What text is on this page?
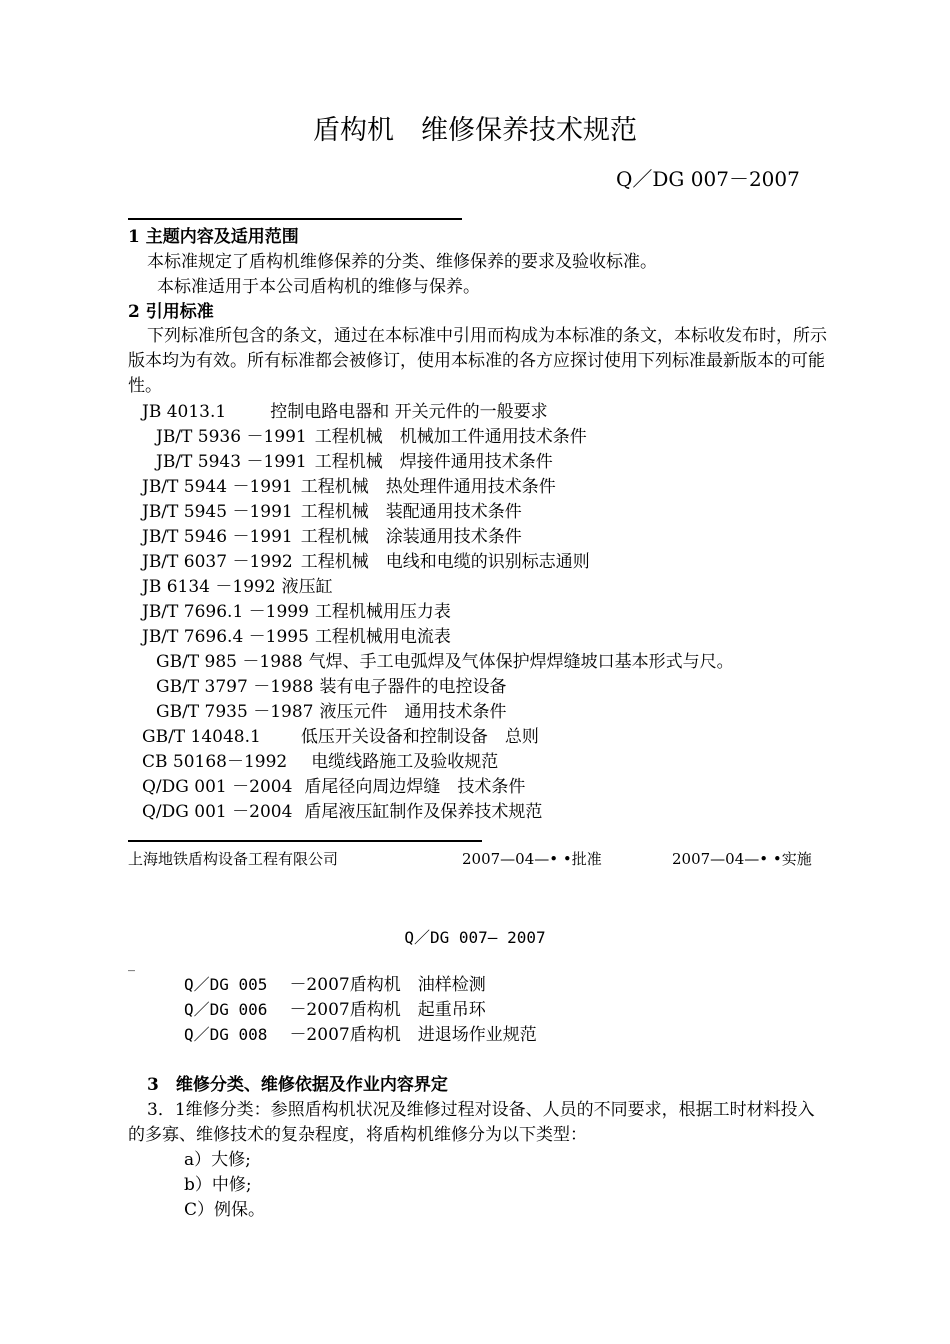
盾构机　维修保养技术规范
Q／DG 007－2007
1 主题内容及适用范围
本标准规定了盾构机维修保养的分类、维修保养的要求及验收标准。
本标准适用于本公司盾构机的维修与保养。
2 引用标准
下列标准所包含的条文，通过在本标准中引用而构成为本标准的条文，本标收发布时，所示版本均为有效。所有标准都会被修订，使用本标准的各方应探讨使用下列标准最新版本的可能性。
JB 4013.1	控制电路电器和 开关元件的一般要求
JB/T 5936 －1991 工程机械　机械加工件通用技术条件
JB/T 5943 －1991 工程机械　焊接件通用技术条件
JB/T 5944 －1991 工程机械　热处理件通用技术条件
JB/T 5945 －1991 工程机械　装配通用技术条件
JB/T 5946 －1991 工程机械　涂装通用技术条件
JB/T 6037 －1992 工程机械　电线和电缆的识别标志通则
JB 6134 －1992 液压缸
JB/T 7696.1 －1999 工程机械用压力表
JB/T 7696.4 －1995 工程机械用电流表
GB/T 985 －1988 气焊、手工电弧焊及气体保护焊焊缝坡口基本形式与尺。
GB/T 3797 －1988 装有电子器件的电控设备
GB/T 7935 －1987 液压元件　通用技术条件
GB/T 14048.1 低压开关设备和控制设备　总则
CB 50168－1992 电缆线路施工及验收规范
Q/DG 001 －2004 盾尾径向周边焊缝　技术条件
Q/DG 001 －2004 盾尾液压缸制作及保养技术规范
上海地铁盾构设备工程有限公司	2007—04—• •批准	2007—04—• •实施
Q／DG 007— 2007
_
Q／DG 005 －2007盾构机　油样检测
Q／DG 006 －2007盾构机　起重吊环
Q／DG 008 －2007盾构机　进退场作业规范
3　维修分类、维修依据及作业内容界定
3．1维修分类：参照盾构机状况及维修过程对设备、人员的不同要求，根据工时材料投入的多寡、维修技术的复杂程度，将盾构机维修分为以下类型：
a）大修;
b）中修;
C）例保。
